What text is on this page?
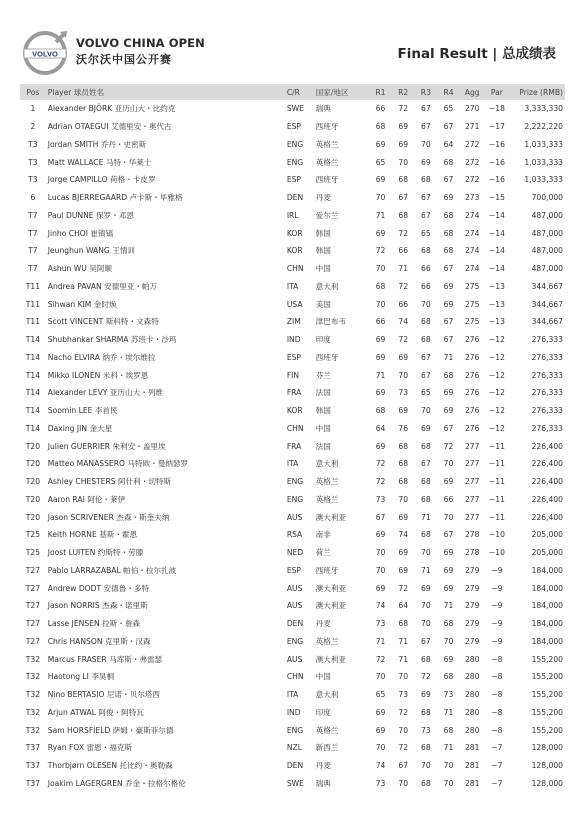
VOLVO
VOLVO CHINA OPEN
沃尔沃中国公开赛	Final Result | 总成绩表
Pos	Player 球员姓名	C/R	国家/地区	R1	R2	R3	R4	Agg	Par	Prize (RMB)
1	Alexander BJÖRK 亚历山大・比约克	SWE	瑞典	66	72	67	65	270	−18	3,333,330
2	Adrian OTAEGUI 艾德里安・奥代古	ESP	西班牙	68	69	67	67	271	−17	2,222,220
T3	Jordan SMITH 乔丹・史密斯	ENG	英格兰	69	69	70	64	272	−16	1,033,333
T3	Matt WALLACE 马特・华莱士	ENG	英格兰	65	70	69	68	272	−16	1,033,333
T3	Jorge CAMPILLO 荷格・卡皮罗	ESP	西班牙	69	68	68	67	272	−16	1,033,333
6	Lucas BJERREGAARD 卢卡斯・毕雅格	DEN	丹麦	70	67	67	69	273	−15	700,000
T7	Paul DUNNE 保罗・邓恩	IRL	爱尔兰	71	68	67	68	274	−14	487,000
T7	Jinho CHOI 崔镇镐	KOR	韩国	69	72	65	68	274	−14	487,000
T7	Jeunghun WANG 王情训	KOR	韩国	72	66	68	68	274	−14	487,000
T7	Ashun WU 吴阿顺	CHN	中国	70	71	66	67	274	−14	487,000
T11	Andrea PAVAN 安德里亚・帕万	ITA	意大利	68	72	66	69	275	−13	344,667
T11	Sihwan KIM 金时焕	USA	美国	70	66	70	69	275	−13	344,667
T11	Scott VINCENT 斯科特・文森特	ZIM	津巴布韦	66	74	68	67	275	−13	344,667
T14	Shubhankar SHARMA 苏班卡・沙玛	IND	印度	69	72	68	67	276	−12	276,333
T14	Nacho ELVIRA 纳乔・埃尔维拉	ESP	西班牙	69	69	67	71	276	−12	276,333
T14	Mikko ILONEN 米科・埃罗恩	FIN	芬兰	71	70	67	68	276	−12	276,333
T14	Alexander LEVY 亚历山大・列维	FRA	法国	69	73	65	69	276	−12	276,333
T14	Soomin LEE 李首民	KOR	韩国	68	69	70	69	276	−12	276,333
T14	Daxing JIN 金大星	CHN	中国	64	76	69	67	276	−12	276,333
T20	Julien GUERRIER 朱利安・盖里埃	FRA	法国	69	68	68	72	277	−11	226,400
T20	Matteo MANASSERO 马特欧・曼纳瑟罗	ITA	意大利	72	68	67	70	277	−11	226,400
T20	Ashley CHESTERS 阿什利・切特斯	ENG	英格兰	72	68	68	69	277	−11	226,400
T20	Aaron RAI 阿伦・莱伊	ENG	英格兰	73	70	68	66	277	−11	226,400
T20	Jason SCRIVENER 杰森・斯奎夫纳	AUS	澳大利亚	67	69	71	70	277	−11	226,400
T25	Keith HORNE 基斯・霍恩	RSA	南非	69	74	68	67	278	−10	205,000
T25	Joost LUITEN 约斯特・劳滕	NED	荷兰	70	69	70	69	278	−10	205,000
T27	Pablo LARRAZABAL 帕伯・拉尔扎波	ESP	西班牙	70	69	71	69	279	−9	184,000
T27	Andrew DODT 安德鲁・多特	AUS	澳大利亚	69	72	69	69	279	−9	184,000
T27	Jason NORRIS 杰森・诺里斯	AUS	澳大利亚	74	64	70	71	279	−9	184,000
T27	Lasse JENSEN 拉斯・詹森	DEN	丹麦	73	68	70	68	279	−9	184,000
T27	Chris HANSON 克里斯・汉森	ENG	英格兰	71	71	67	70	279	−9	184,000
T32	Marcus FRASER 马库斯・弗雷瑟	AUS	澳大利亚	72	71	68	69	280	−8	155,200
T32	Haotong LI 李昊桐	CHN	中国	70	70	72	68	280	−8	155,200
T32	Nino BERTASIO 尼诺・贝尔塔西	ITA	意大利	65	73	69	73	280	−8	155,200
T32	Arjun ATWAL 阿俊・阿特瓦	IND	印度	69	72	68	71	280	−8	155,200
T32	Sam HORSFIELD 萨姆・豪斯菲尔德	ENG	英格兰	69	70	73	68	280	−8	155,200
T37	Ryan FOX 雷恩・福克斯	NZL	新西兰	70	72	68	71	281	−7	128,000
T37	Thorbjørn OLESEN 托比约・奥勒森	DEN	丹麦	74	67	70	70	281	−7	128,000
T37	Joakim LAGERGREN 乔金・拉格尔格伦	SWE	瑞典	73	70	68	70	281	−7	128,000
